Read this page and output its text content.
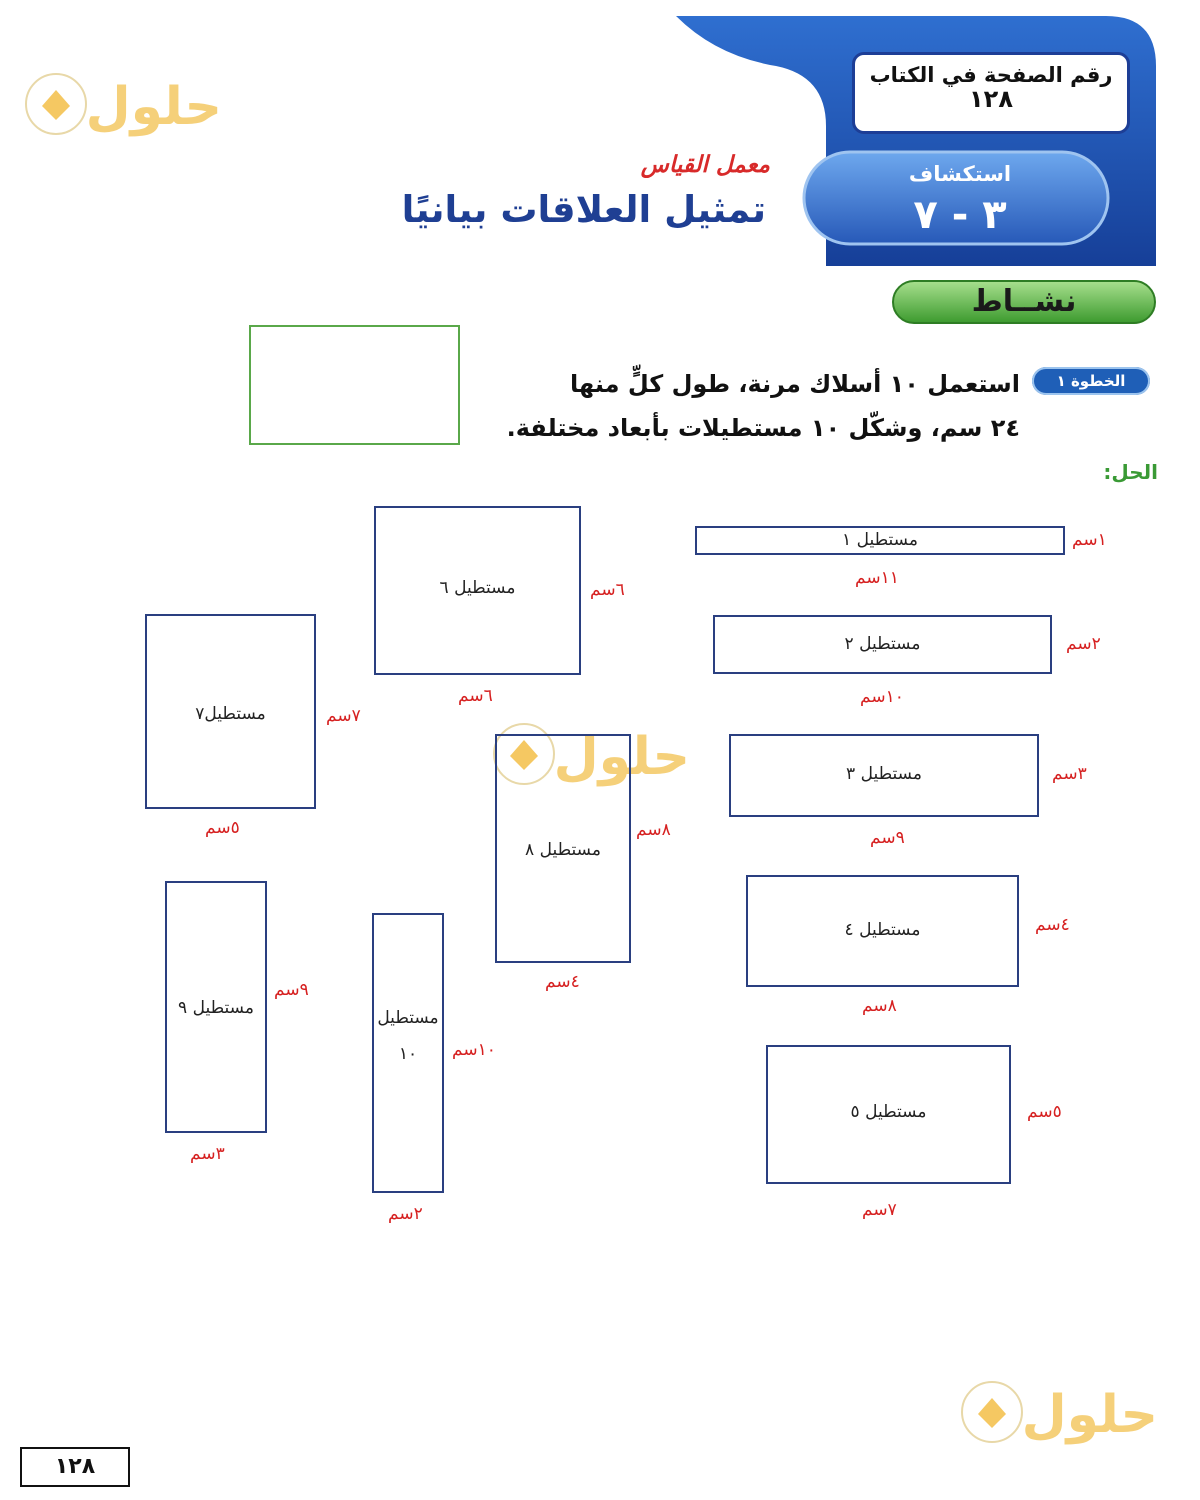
حلول
حلول
حلول
رقم الصفحة في الكتاب
١٢٨
استكشاف
٣ - ٧
معمل القياس
تمثيل العلاقات بيانيًا
نشــاط
الخطوة ١
استعمل ١٠ أسلاك مرنة، طول كلٍّ منها
٢٤ سم، وشكّل ١٠ مستطيلات بأبعاد مختلفة.
الحل:
مستطيل ١	١سم
١١سم
مستطيل ٢	٢سم
١٠سم
مستطيل ٣	٣سم
٩سم
مستطيل ٤	٤سم
٨سم
مستطيل ٥	٥سم
٧سم
مستطيل ٦	٦سم
٦سم
مستطيل٧	٧سم
٥سم
مستطيل ٨
٨سم
٤سم
مستطيل ٩
٩سم
٣سم
مستطيل ١٠	١٠سم
٢سم
١٢٨
